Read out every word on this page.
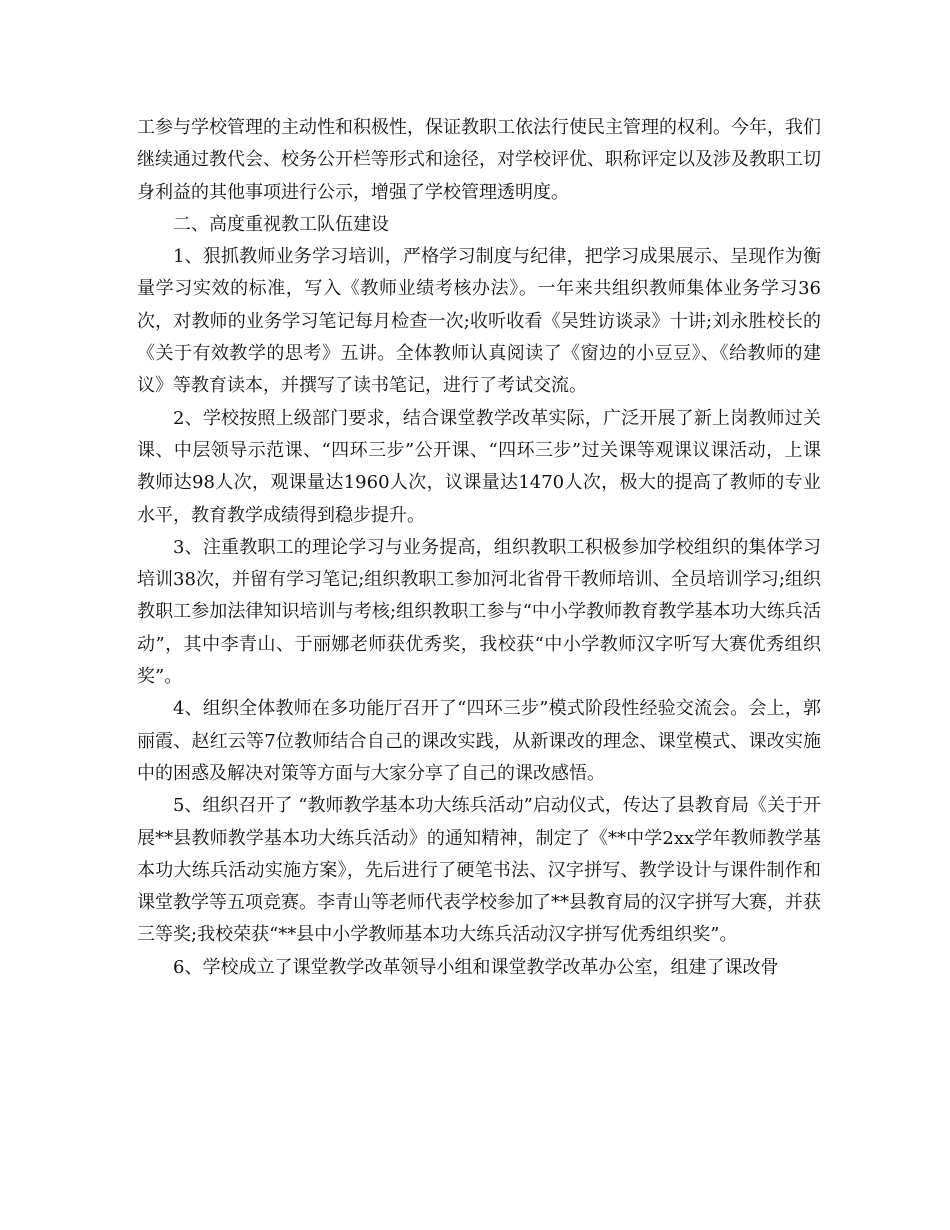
工参与学校管理的主动性和积极性，保证教职工依法行使民主管理的权利。今年，我们继续通过教代会、校务公开栏等形式和途径，对学校评优、职称评定以及涉及教职工切身利益的其他事项进行公示，增强了学校管理透明度。

二、高度重视教工队伍建设

1、狠抓教师业务学习培训，严格学习制度与纪律，把学习成果展示、呈现作为衡量学习实效的标准，写入《教师业绩考核办法》。一年来共组织教师集体业务学习36次，对教师的业务学习笔记每月检查一次;收听收看《吴甡访谈录》十讲;刘永胜校长的《关于有效教学的思考》五讲。全体教师认真阅读了《窗边的小豆豆》、《给教师的建议》等教育读本，并撰写了读书笔记，进行了考试交流。

2、学校按照上级部门要求，结合课堂教学改革实际，广泛开展了新上岗教师过关课、中层领导示范课、“四环三步”公开课、“四环三步”过关课等观课议课活动，上课教师达98人次，观课量达1960人次，议课量达1470人次，极大的提高了教师的专业水平，教育教学成绩得到稳步提升。

3、注重教职工的理论学习与业务提高，组织教职工积极参加学校组织的集体学习培训38次，并留有学习笔记;组织教职工参加河北省骨干教师培训、全员培训学习;组织教职工参加法律知识培训与考核;组织教职工参与“中小学教师教育教学基本功大练兵活动”，其中李青山、于丽娜老师获优秀奖，我校获“中小学教师汉字听写大赛优秀组织奖”。

4、组织全体教师在多功能厅召开了“四环三步”模式阶段性经验交流会。会上，郭丽霞、赵红云等7位教师结合自己的课改实践，从新课改的理念、课堂模式、课改实施中的困惑及解决对策等方面与大家分享了自己的课改感悟。

5、组织召开了 “教师教学基本功大练兵活动”启动仪式，传达了县教育局《关于开展**县教师教学基本功大练兵活动》的通知精神，制定了《**中学2xx学年教师教学基本功大练兵活动实施方案》，先后进行了硬笔书法、汉字拼写、教学设计与课件制作和课堂教学等五项竞赛。李青山等老师代表学校参加了**县教育局的汉字拼写大赛，并获三等奖;我校荣获“**县中小学教师基本功大练兵活动汉字拼写优秀组织奖”。

6、学校成立了课堂教学改革领导小组和课堂教学改革办公室，组建了课改骨
